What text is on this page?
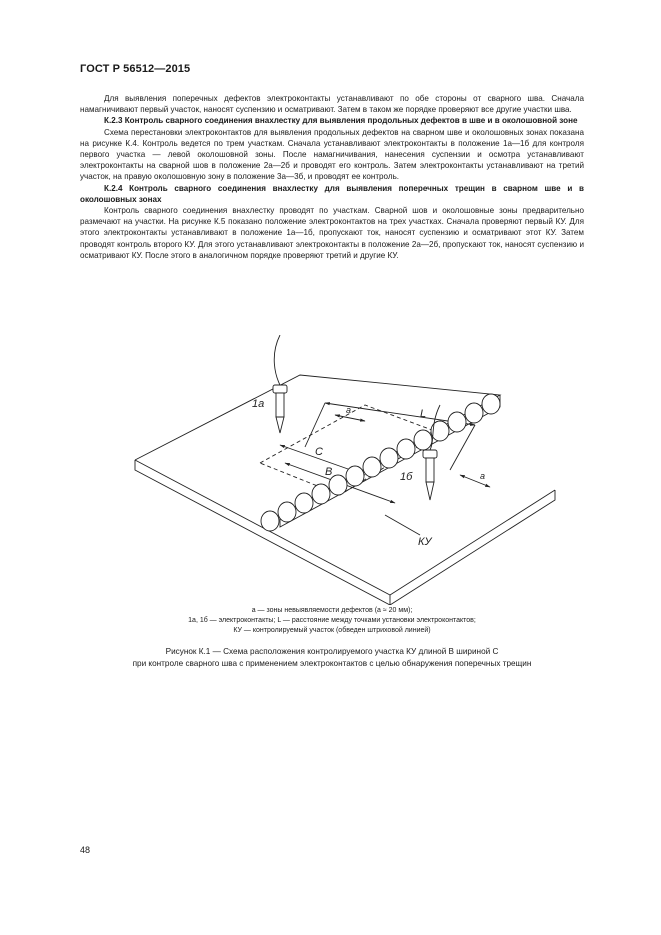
ГОСТ Р 56512—2015

Для выявления поперечных дефектов электроконтакты устанавливают по обе стороны от сварного шва. Сначала намагничивают первый участок, наносят суспензию и осматривают. Затем в таком же порядке проверяют все другие участки шва.

К.2.3 Контроль сварного соединения внахлестку для выявления продольных дефектов в шве и в околошовной зоне

Схема перестановки электроконтактов для выявления продольных дефектов на сварном шве и околошовных зонах показана на рисунке К.4. Контроль ведется по трем участкам. Сначала устанавливают электроконтакты в положение 1а—1б для контроля первого участка — левой околошовной зоны. После намагничивания, нанесения суспензии и осмотра устанавливают электроконтакты на сварной шов в положение 2а—2б и проводят его контроль. Затем электроконтакты устанавливают на третий участок, на правую околошовную зону в положение 3а—3б, и проводят ее контроль.

К.2.4 Контроль сварного соединения внахлестку для выявления поперечных трещин в сварном шве и в околошовных зонах

Контроль сварного соединения внахлестку проводят по участкам. Сварной шов и околошовные зоны предварительно размечают на участки. На рисунке К.5 показано положение электроконтактов на трех участках. Сначала проверяют первый КУ. Для этого электроконтакты устанавливают в положение 1а—1б, пропускают ток, наносят суспензию и осматривают этот КУ. Затем проводят контроль второго КУ. Для этого устанавливают электроконтакты в положение 2а—2б, пропускают ток, наносят суспензию и осматривают КУ. После этого в аналогичном порядке проверяют третий и другие КУ.

1а
1б
L
C
B
а
а
КУ
а — зоны невыявляемости дефектов (а ≈ 20 мм);
1а, 1б — электроконтакты; L — расстояние между точками установки электроконтактов;
КУ — контролируемый участок (обведен штриховой линией)
Рисунок К.1 — Схема расположения контролируемого участка КУ длиной B шириной C
при контроле сварного шва с применением электроконтактов с целью обнаружения поперечных трещин
48
